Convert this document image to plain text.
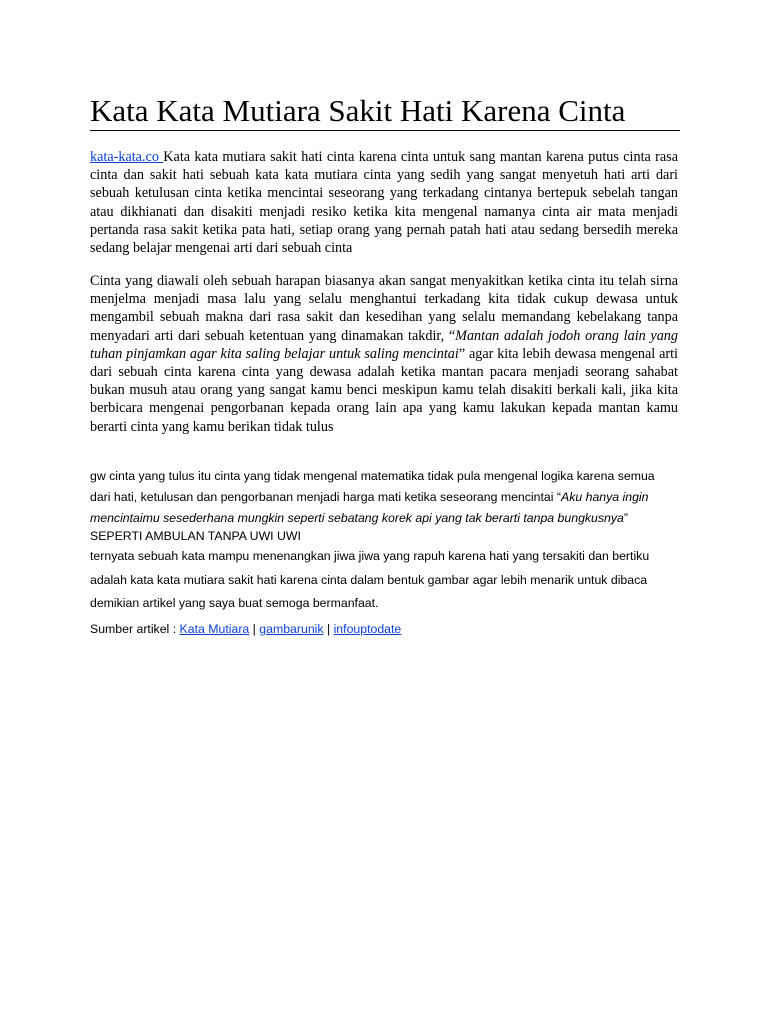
Kata Kata Mutiara Sakit Hati Karena Cinta

kata-kata.co Kata kata mutiara sakit hati cinta karena cinta untuk sang mantan karena putus cinta rasa cinta dan sakit hati sebuah kata kata mutiara cinta yang sedih yang sangat menyetuh hati arti dari sebuah ketulusan cinta ketika mencintai seseorang yang terkadang cintanya bertepuk sebelah tangan atau dikhianati dan disakiti menjadi resiko ketika kita mengenal namanya cinta air mata menjadi pertanda rasa sakit ketika pata hati, setiap orang yang pernah patah hati atau sedang bersedih mereka sedang belajar mengenai arti dari sebuah cinta

Cinta yang diawali oleh sebuah harapan biasanya akan sangat menyakitkan ketika cinta itu telah sirna menjelma menjadi masa lalu yang selalu menghantui terkadang kita tidak cukup dewasa untuk mengambil sebuah makna dari rasa sakit dan kesedihan yang selalu memandang kebelakang tanpa menyadari arti dari sebuah ketentuan yang dinamakan takdir, “Mantan adalah jodoh orang lain yang tuhan pinjamkan agar kita saling belajar untuk saling mencintai” agar kita lebih dewasa mengenal arti dari sebuah cinta karena cinta yang dewasa adalah ketika mantan pacara menjadi seorang sahabat bukan musuh atau orang yang sangat kamu benci meskipun kamu telah disakiti berkali kali, jika kita berbicara mengenai pengorbanan kepada orang lain apa yang kamu lakukan kepada mantan kamu berarti cinta yang kamu berikan tidak tulus

gw cinta yang tulus itu cinta yang tidak mengenal matematika tidak pula mengenal logika karena semua
dari hati, ketulusan dan pengorbanan menjadi harga mati ketika seseorang mencintai “Aku hanya ingin
mencintaimu sesederhana mungkin seperti sebatang korek api yang tak berarti tanpa bungkusnya”
SEPERTI AMBULAN TANPA UWI UWI
ternyata sebuah kata mampu menenangkan jiwa jiwa yang rapuh karena hati yang tersakiti dan bertiku
adalah kata kata mutiara sakit hati karena cinta dalam bentuk gambar agar lebih menarik untuk dibaca
demikian artikel yang saya buat semoga bermanfaat.
Sumber artikel : Kata Mutiara | gambarunik | infouptodate
